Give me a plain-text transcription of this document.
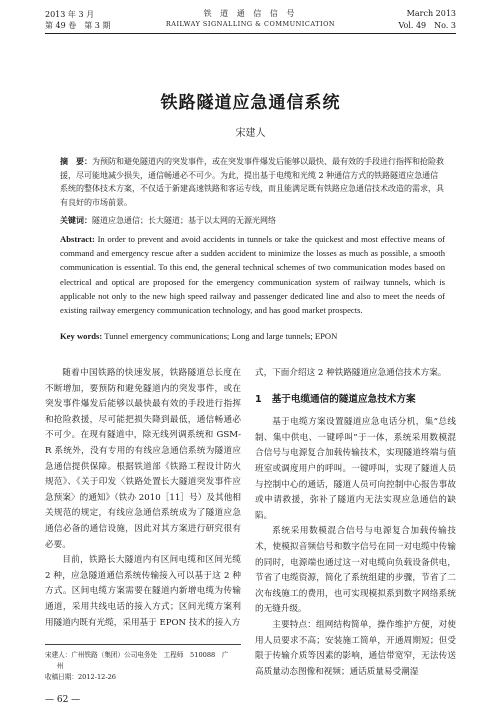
2013 年 3 月
第 49 卷　第 3 期
铁 道 通 信 信 号
RAILWAY SIGNALLING & COMMUNICATION
March 2013
Vol. 49　No. 3
铁路隧道应急通信系统
宋建人
摘　要：为预防和避免隧道内的突发事件，或在突发事件爆发后能够以最快、最有效的手段进行指挥和抢险救援，尽可能地减少损失，通信畅通必不可少。为此，提出基于电缆和光缆 2 种通信方式的铁路隧道应急通信系统的整体技术方案，不仅适于新建高速铁路和客运专线，而且能满足既有铁路应急通信技术改造的需求，具有良好的市场前景。
关键词：隧道应急通信；长大隧道；基于以太网的无源光网络
Abstract: In order to prevent and avoid accidents in tunnels or take the quickest and most effective means of command and emergency rescue after a sudden accident to minimize the losses as much as possible, a smooth communication is essential. To this end, the general technical schemes of two communication modes based on electrical and optical are proposed for the emergency communication system of railway tunnels, which is applicable not only to the new high speed railway and passenger dedicated line and also to meet the needs of existing railway emergency communication technology, and has good market prospects.
Key words: Tunnel emergency communications; Long and large tunnels; EPON

随着中国铁路的快速发展，铁路隧道总长度在不断增加，要预防和避免隧道内的突发事件，或在突发事件爆发后能够以最快最有效的手段进行指挥和抢险救援，尽可能把损失降到最低，通信畅通必不可少。在现有隧道中，除无线列调系统和 GSM-R 系统外，没有专用的有线应急通信系统为隧道应急通信提供保障。根据铁道部《铁路工程设计防火规范》、《关于印发〈铁路处置长大隧道突发事件应急预案〉的通知》（铁办 2010［11］号）及其他相关规范的规定，有线应急通信系统成为了隧道应急通信必备的通信设施，因此对其方案进行研究很有必要。

目前，铁路长大隧道内有区间电缆和区间光缆 2 种，应急隧道通信系统传输接入可以基于这 2 种方式。区间电缆方案需要在隧道内新增电缆为传输通道，采用共线电话的接入方式；区间光缆方案利用隧道内既有光缆，采用基于 EPON 技术的接入方

式，下面介绍这 2 种铁路隧道应急通信技术方案。

1 基于电缆通信的隧道应急技术方案

基于电缆方案设置隧道应急电话分机，集“总线制、集中供电、一键呼叫”于一体，系统采用数模混合信号与电源复合加载传输技术，实现隧道终端与值班室或调度用户的呼叫。一键呼叫，实现了隧道人员与控制中心的通话，隧道人员可向控制中心报告事故或申请救援，弥补了隧道内无法实现应急通信的缺陷。

系统采用数模混合信号与电源复合加载传输技术，使模拟音频信号和数字信号在同一对电缆中传输的同时，电源端也通过这一对电缆向负载设备供电，节省了电缆资源，简化了系统组建的步骤，节省了二次布线施工的费用，也可实现模拟系到数字网络系统的无缝升级。

主要特点：组网结构简单，操作维护方便，对使用人员要求不高；安装施工简单，开通周期短；但受限于传输介质等因素的影响，通信带宽窄，无法传送高质量动态图像和视频；通话质量易受潮湿

宋建人：广州铁路（集团）公司电务处　工程师　510088　广
州
收稿日期：2012-12-26
— 62 —
